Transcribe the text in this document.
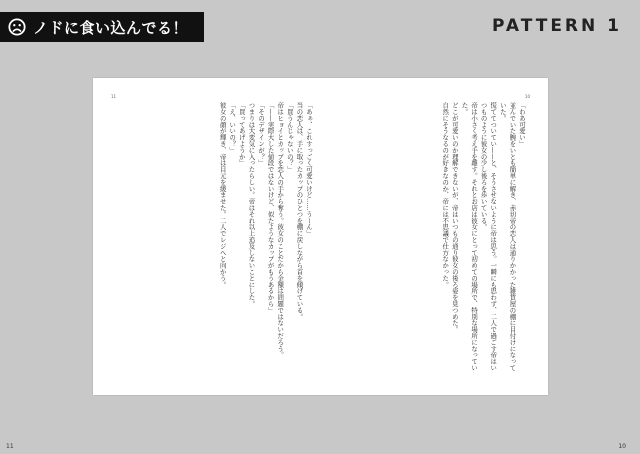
ノドに食い込んでる！	PATTERN 1
11	10

「わあ可愛い」

並んでいた腕をいとも簡単に解き、赤切帝の恋人は通りかかった雑貨屋の棚に目付けになっていた。

慌ててついてい——と、そうさせないように帝は思う。一瞬にも思わず、二人で過ごす帝はいつものように彼女の少し後ろを歩いている。

帝は小さく考え手を離す。それとお店は彼女にとって初めての場所で、特別な場所になっていた。

どこが可愛いのか理解できないが、帝はいつもの通り彼女の後ろ姿を見つめた。

自然にそうなるのが好きなのか、帝には不思議で仕方なかった。

「あぁ、これすっごく可愛いけど……うーん」

当の恋人は、手に取ったカップのひとつを棚に戻しながら首を傾げている。

「買うんじゃないの？」

帝はヒョイとカップを恋人の手から奪う。彼女のことだから金額は問題ではないだろう。

「——実際大した値段ではないけど、似たようなカップがもうあるから」

「そのデザインが？」

つまりは大変気に入ったらしい。帝はそれ以上追及しないことにした。

「買ってあげようか」

「え、いいの？」

彼女の顔が輝き、帝は目元を緩ませた。二人でレジへと向かう。

11	10
